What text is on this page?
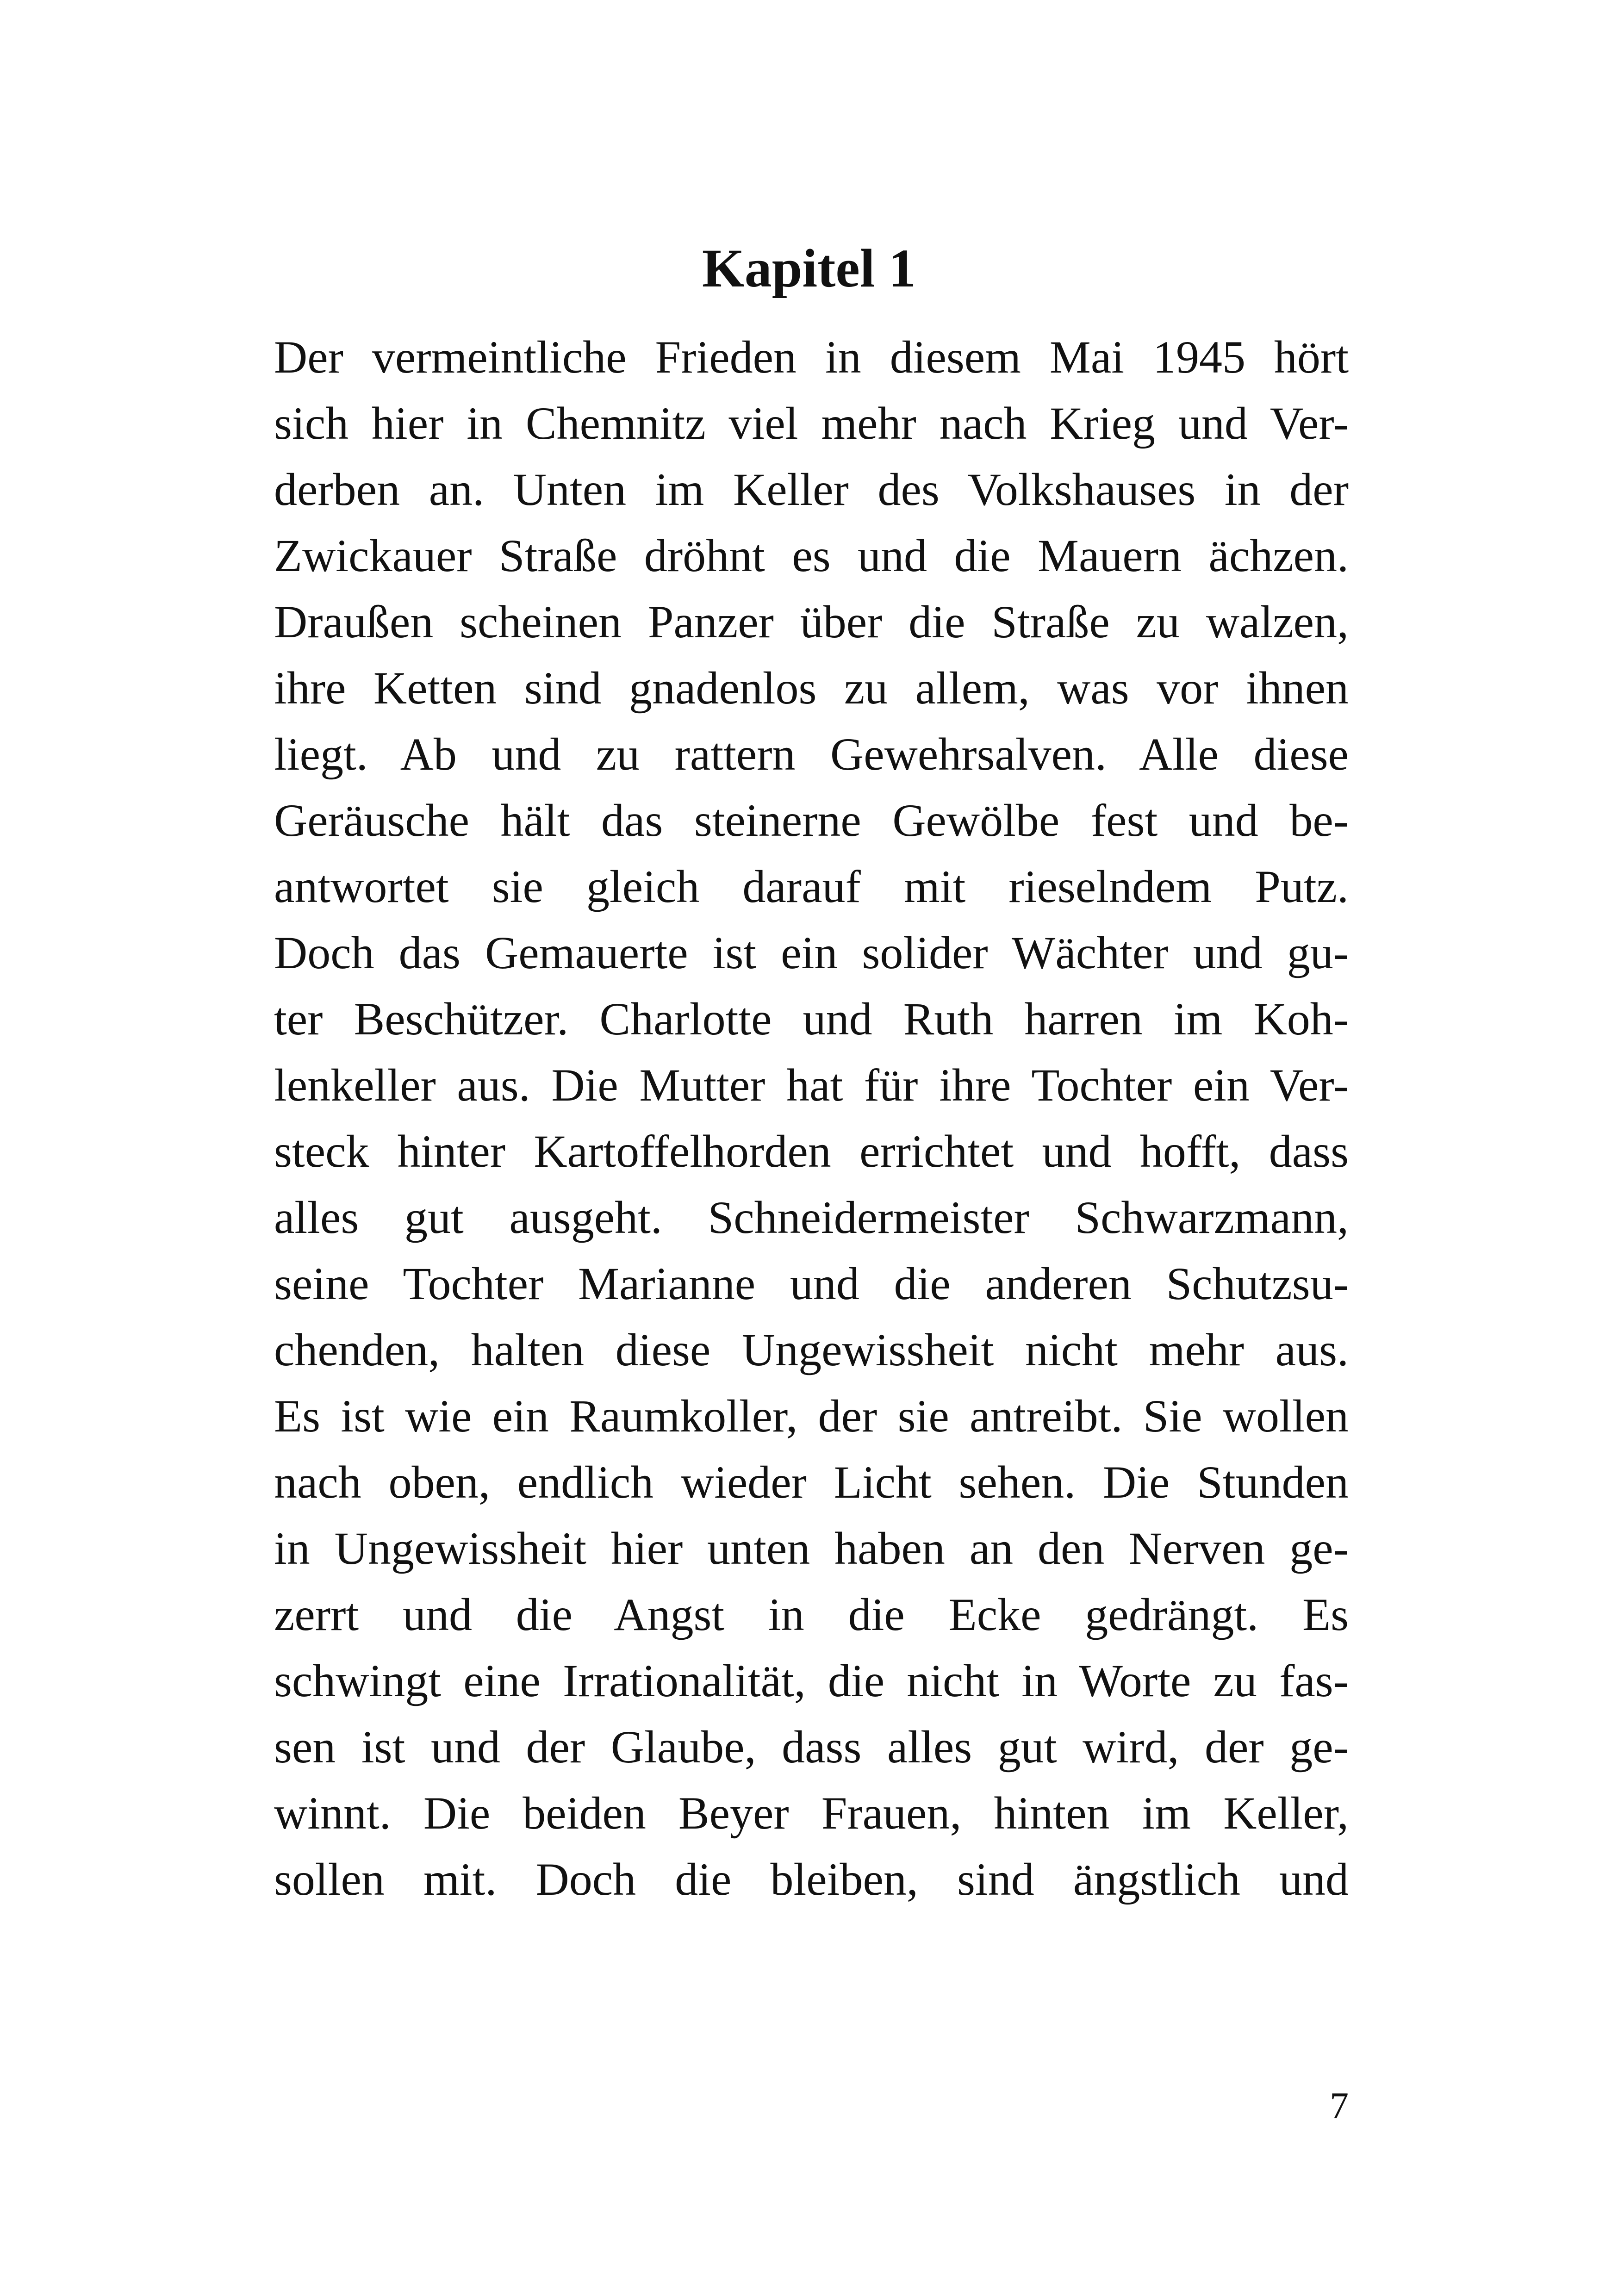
Kapitel 1
Der vermeintliche Frieden in diesem Mai 1945 hört
sich hier in Chemnitz viel mehr nach Krieg und Ver-
derben an. Unten im Keller des Volkshauses in der
Zwickauer Straße dröhnt es und die Mauern ächzen.
Draußen scheinen Panzer über die Straße zu walzen,
ihre Ketten sind gnadenlos zu allem, was vor ihnen
liegt. Ab und zu rattern Gewehrsalven. Alle diese
Geräusche hält das steinerne Gewölbe fest und be-
antwortet sie gleich darauf mit rieselndem Putz.
Doch das Gemauerte ist ein solider Wächter und gu-
ter Beschützer. Charlotte und Ruth harren im Koh-
lenkeller aus. Die Mutter hat für ihre Tochter ein Ver-
steck hinter Kartoffelhorden errichtet und hofft, dass
alles gut ausgeht. Schneidermeister Schwarzmann,
seine Tochter Marianne und die anderen Schutzsu-
chenden, halten diese Ungewissheit nicht mehr aus.
Es ist wie ein Raumkoller, der sie antreibt. Sie wollen
nach oben, endlich wieder Licht sehen. Die Stunden
in Ungewissheit hier unten haben an den Nerven ge-
zerrt und die Angst in die Ecke gedrängt. Es
schwingt eine Irrationalität, die nicht in Worte zu fas-
sen ist und der Glaube, dass alles gut wird, der ge-
winnt. Die beiden Beyer Frauen, hinten im Keller,
sollen mit. Doch die bleiben, sind ängstlich und
7
